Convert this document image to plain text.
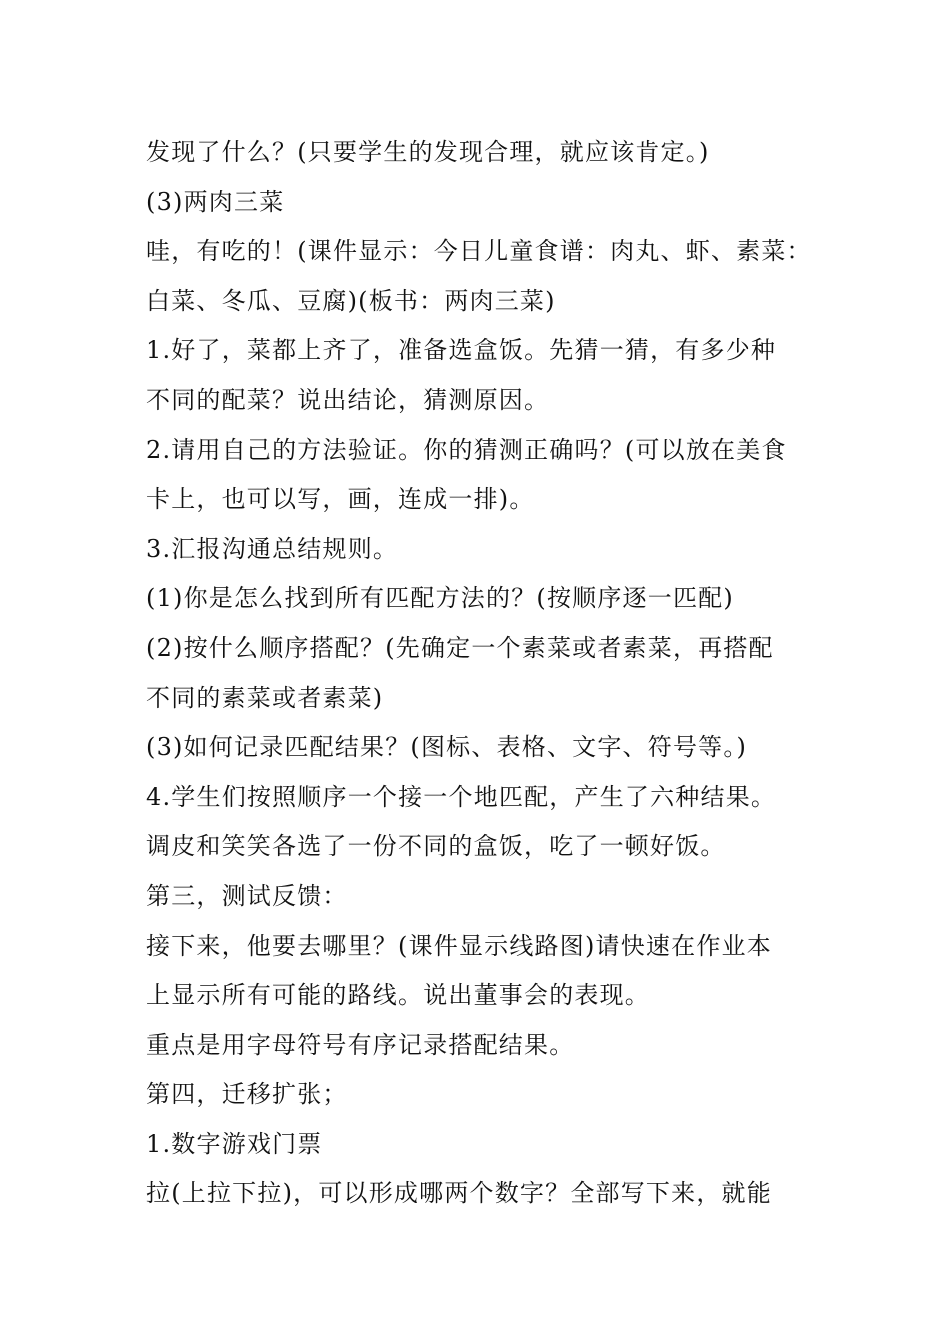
发现了什么？(只要学生的发现合理，就应该肯定。)
(3)两肉三菜
哇，有吃的！(课件显示：今日儿童食谱：肉丸、虾、素菜：
白菜、冬瓜、豆腐)(板书：两肉三菜)
1.好了，菜都上齐了，准备选盒饭。先猜一猜，有多少种
不同的配菜？说出结论，猜测原因。
2.请用自己的方法验证。你的猜测正确吗？(可以放在美食
卡上，也可以写，画，连成一排)。
3.汇报沟通总结规则。
(1)你是怎么找到所有匹配方法的？(按顺序逐一匹配)
(2)按什么顺序搭配？(先确定一个素菜或者素菜，再搭配
不同的素菜或者素菜)
(3)如何记录匹配结果？(图标、表格、文字、符号等。)
4.学生们按照顺序一个接一个地匹配，产生了六种结果。
调皮和笑笑各选了一份不同的盒饭，吃了一顿好饭。
第三，测试反馈：
接下来，他要去哪里？(课件显示线路图)请快速在作业本
上显示所有可能的路线。说出董事会的表现。
重点是用字母符号有序记录搭配结果。
第四，迁移扩张；
1.数字游戏门票
拉(上拉下拉)，可以形成哪两个数字？全部写下来，就能
